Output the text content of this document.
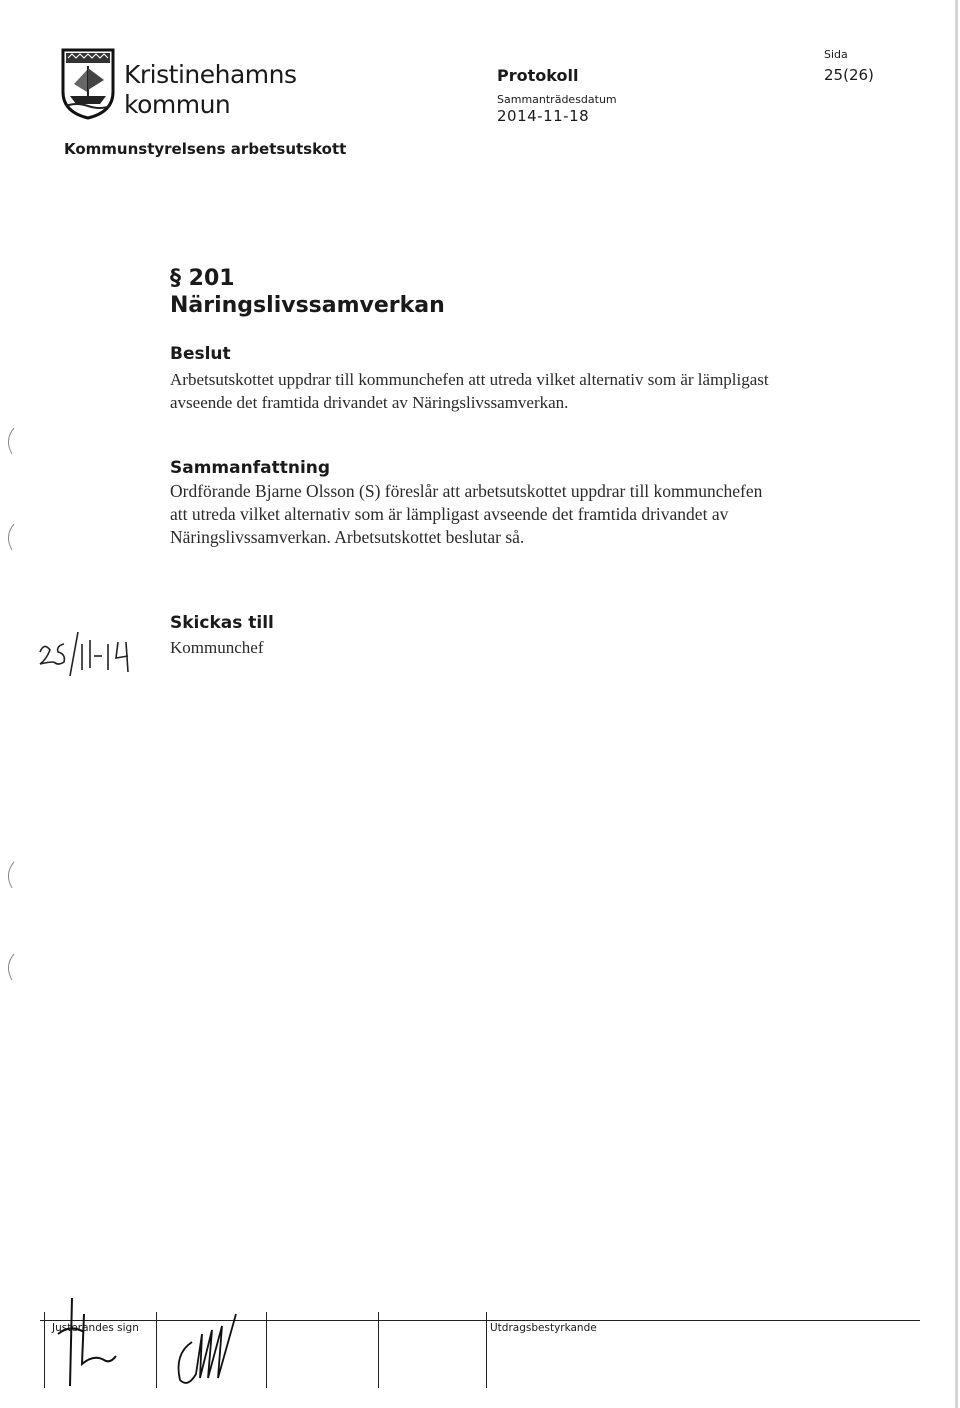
Kristinehamns
kommun
Protokoll
Sammanträdesdatum
2014-11-18
Sida
25(26)
Kommunstyrelsens arbetsutskott
§ 201
Näringslivssamverkan
Beslut
Arbetsutskottet uppdrar till kommunchefen att utreda vilket alternativ som är lämpligast avseende det framtida drivandet av Näringslivssamverkan.
Sammanfattning
Ordförande Bjarne Olsson (S) föreslår att arbetsutskottet uppdrar till kommunchefen att utreda vilket alternativ som är lämpligast avseende det framtida drivandet av Näringslivssamverkan. Arbetsutskottet beslutar så.
Skickas till
Kommunchef
Justerandes sign	Utdragsbestyrkande
